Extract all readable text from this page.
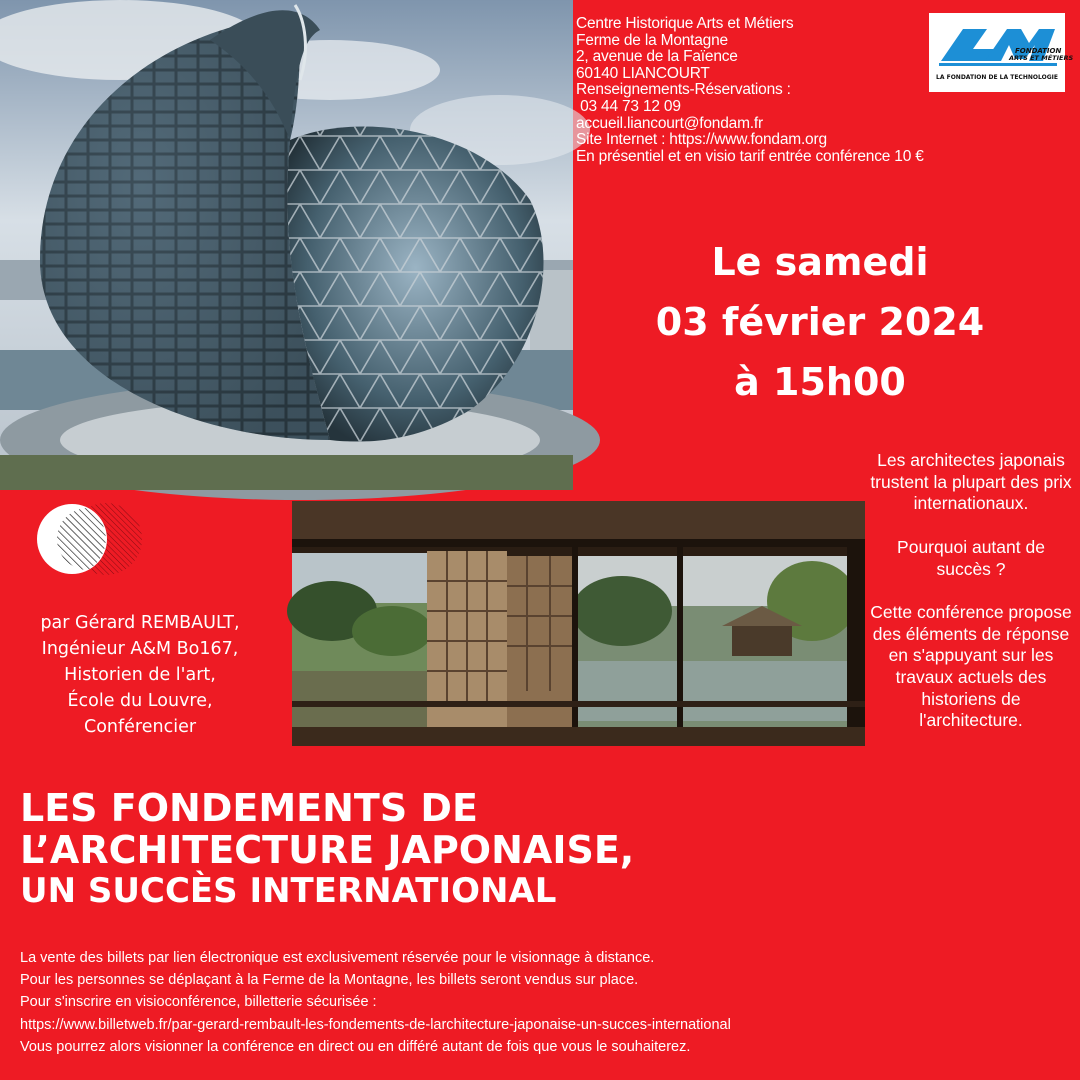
Centre Historique Arts et Métiers
Ferme de la Montagne
2, avenue de la Faïence
60140 LIANCOURT
Renseignements-Réservations :
03 44 73 12 09
accueil.liancourt@fondam.fr
Site Internet : https://www.fondam.org
En présentiel et en visio tarif entrée conférence 10 €
FONDATION
ARTS ET MÉTIERS
LA FONDATION DE LA TECHNOLOGIE
Le samedi
03 février 2024
à 15h00
par Gérard REMBAULT,
Ingénieur A&M Bo167,
Historien de l'art,
École du Louvre,
Conférencier

Les architectes japonais trustent la plupart des prix internationaux.

Pourquoi autant de succès ?

Cette conférence propose des éléments de réponse en s'appuyant sur les travaux actuels des historiens de l'architecture.

LES FONDEMENTS DE
L’ARCHITECTURE JAPONAISE,
UN SUCCÈS INTERNATIONAL
La vente des billets par lien électronique est exclusivement réservée pour le visionnage à distance.
Pour les personnes se déplaçant à la Ferme de la Montagne, les billets seront vendus sur place.
Pour s'inscrire en visioconférence, billetterie sécurisée :
https://www.billetweb.fr/par-gerard-rembault-les-fondements-de-larchitecture-japonaise-un-succes-international
Vous pourrez alors visionner la conférence en direct ou en différé autant de fois que vous le souhaiterez.
